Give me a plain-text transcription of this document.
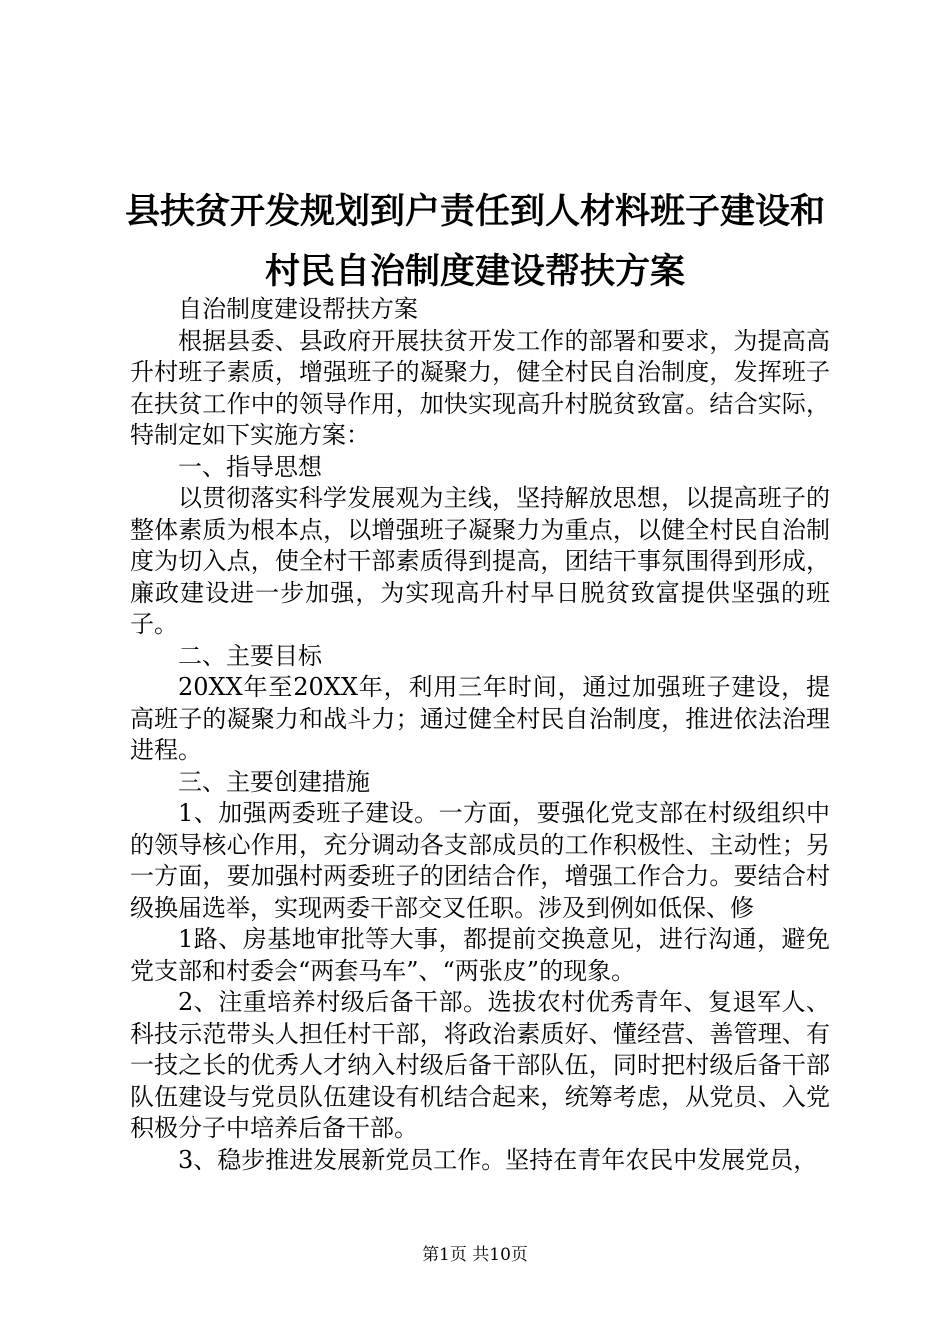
县扶贫开发规划到户责任到人材料班子建设和
村民自治制度建设帮扶方案

自治制度建设帮扶方案

根据县委、县政府开展扶贫开发工作的部署和要求，为提高高升村班子素质，增强班子的凝聚力，健全村民自治制度，发挥班子在扶贫工作中的领导作用，加快实现高升村脱贫致富。结合实际，特制定如下实施方案：

一、指导思想

以贯彻落实科学发展观为主线，坚持解放思想，以提高班子的整体素质为根本点，以增强班子凝聚力为重点，以健全村民自治制度为切入点，使全村干部素质得到提高，团结干事氛围得到形成，廉政建设进一步加强，为实现高升村早日脱贫致富提供坚强的班子。

二、主要目标

20XX年至20XX年，利用三年时间，通过加强班子建设，提高班子的凝聚力和战斗力；通过健全村民自治制度，推进依法治理进程。

三、主要创建措施

1、加强两委班子建设。一方面，要强化党支部在村级组织中的领导核心作用，充分调动各支部成员的工作积极性、主动性；另一方面，要加强村两委班子的团结合作，增强工作合力。要结合村级换届选举，实现两委干部交叉任职。涉及到例如低保、修

1路、房基地审批等大事，都提前交换意见，进行沟通，避免党支部和村委会“两套马车”、“两张皮”的现象。

2、注重培养村级后备干部。选拔农村优秀青年、复退军人、科技示范带头人担任村干部，将政治素质好、懂经营、善管理、有一技之长的优秀人才纳入村级后备干部队伍，同时把村级后备干部队伍建设与党员队伍建设有机结合起来，统筹考虑，从党员、入党积极分子中培养后备干部。

3、稳步推进发展新党员工作。坚持在青年农民中发展党员，

第1页 共10页
